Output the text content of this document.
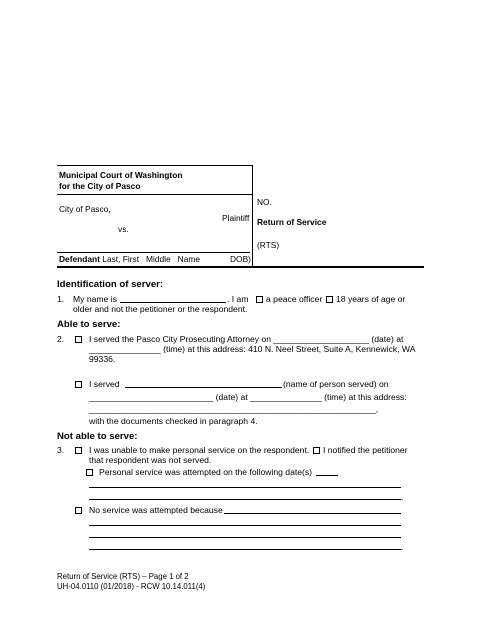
Municipal Court of Washington
for the City of Pasco
City of Pasco,
Plaintiff
vs.
Defendant Last, First   Middle   Name	DOB)
NO.
Return of Service
(RTS)
Identification of server:
1. My name is	. I am a peace officer 18 years of age or
older and not the petitioner or the respondent.
Able to serve:
2.	I served the Pasco City Prosecuting Attorney on ____________________ (date) at
_______________ (time) at this address: 410 N. Neel Street, Suite A, Kennewick, WA
99336.
I served	(name of person served) on
__________________________ (date) at _______________ (time) at this address:
____________________________________________________________,
with the documents checked in paragraph 4.
Not able to serve:
3.	I was unable to make personal service on the respondent. I notified the petitioner
that respondent was not served.
Personal service was attempted on the following date(s)
.
No service was attempted because
.
Return of Service (RTS) – Page 1 of 2
UH-04.0110 (01/2018) - RCW 10.14.011(4)
